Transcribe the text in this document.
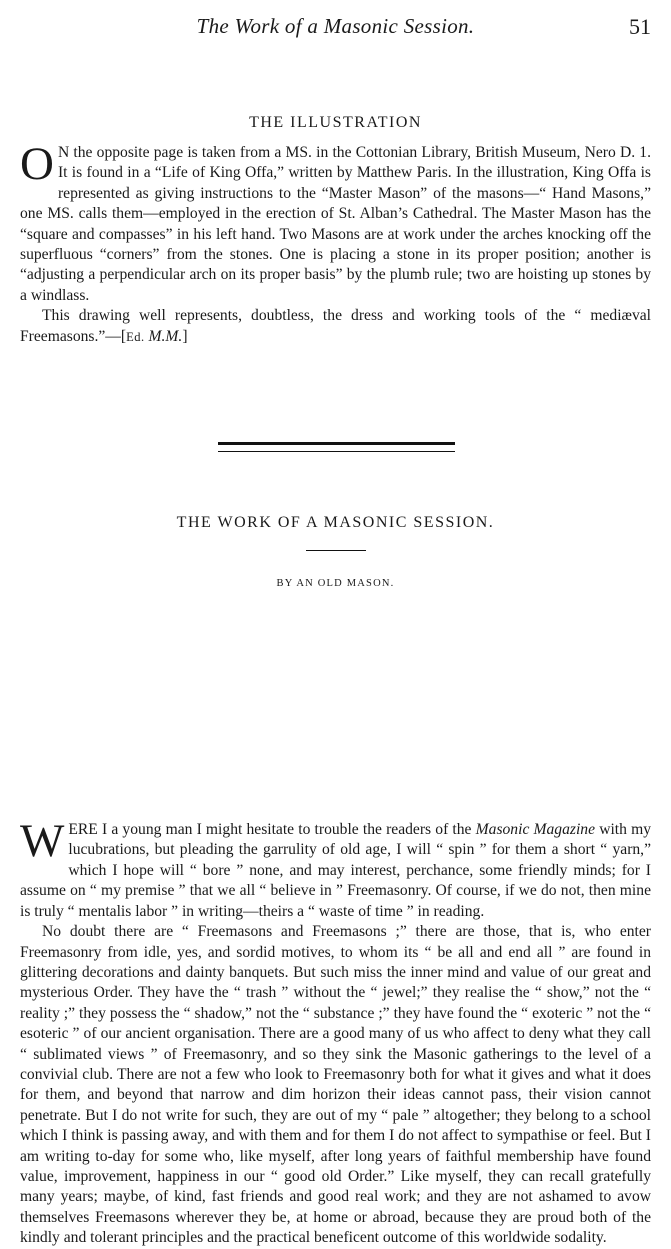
The Work of a Masonic Session.	51
THE ILLUSTRATION

O N the opposite page is taken from a MS. in the Cottonian Library, British Museum, Nero D. 1. It is found in a “Life of King Offa,” written by Matthew Paris. In the illustration, King Offa is represented as giving instructions to the “Master Mason” of the masons—“ Hand Masons,” one MS. calls them—employed in the erection of St. Alban’s Cathedral. The Master Mason has the “square and compasses” in his left hand. Two Masons are at work under the arches knocking off the superfluous “corners” from the stones. One is placing a stone in its proper position; another is “adjusting a perpendicular arch on its proper basis” by the plumb rule; two are hoisting up stones by a windlass.

This drawing well represents, doubtless, the dress and working tools of the “ mediæval Freemasons.”—[Ed. M.M.]

THE WORK OF A MASONIC SESSION.
BY AN OLD MASON.

WERE I a young man I might hesitate to trouble the readers of the Masonic Magazine with my lucubrations, but pleading the garrulity of old age, I will “ spin ” for them a short “ yarn,” which I hope will “ bore ” none, and may interest, perchance, some friendly minds; for I assume on “ my premise ” that we all “ believe in ” Freemasonry. Of course, if we do not, then mine is truly “ mentalis labor ” in writing—theirs a “ waste of time ” in reading.

No doubt there are “ Freemasons and Freemasons ;” there are those, that is, who enter Freemasonry from idle, yes, and sordid motives, to whom its “ be all and end all ” are found in glittering decorations and dainty banquets. But such miss the inner mind and value of our great and mysterious Order. They have the “ trash ” without the “ jewel;” they realise the “ show,” not the “ reality ;” they possess the “ shadow,” not the “ substance ;” they have found the “ exoteric ” not the “ esoteric ” of our ancient organisation. There are a good many of us who affect to deny what they call “ sublimated views ” of Freemasonry, and so they sink the Masonic gatherings to the level of a convivial club. There are not a few who look to Freemasonry both for what it gives and what it does for them, and beyond that narrow and dim horizon their ideas cannot pass, their vision cannot penetrate. But I do not write for such, they are out of my “ pale ” altogether; they belong to a school which I think is passing away, and with them and for them I do not affect to sympathise or feel. But I am writing to-day for some who, like myself, after long years of faithful membership have found value, improvement, happiness in our “ good old Order.” Like myself, they can recall gratefully many years; maybe, of kind, fast friends and good real work; and they are not ashamed to avow themselves Freemasons wherever they be, at home or abroad, because they are proud both of the kindly and tolerant principles and the practical beneficent outcome of this worldwide sodality.
